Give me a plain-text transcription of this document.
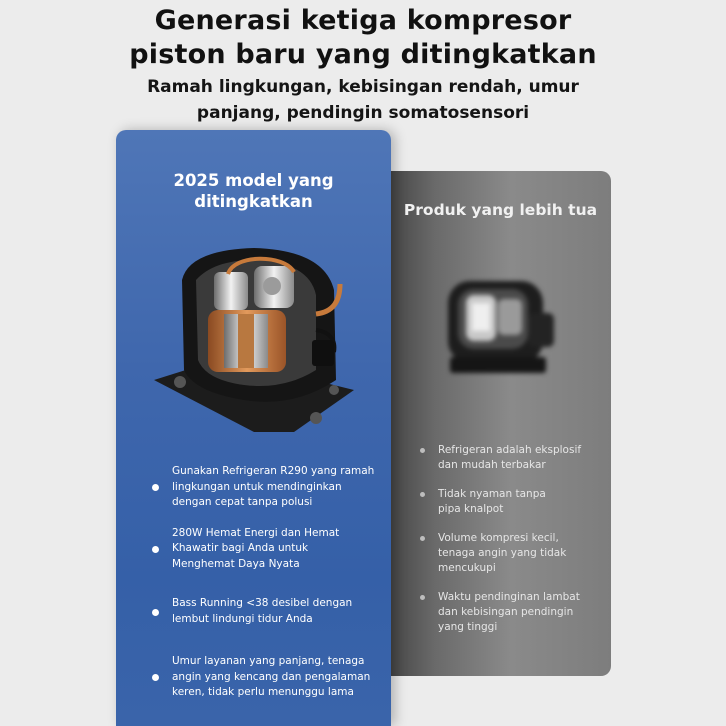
Generasi ketiga kompresor
piston baru yang ditingkatkan
Ramah lingkungan, kebisingan rendah, umur
panjang, pendingin somatosensori
Produk yang lebih tua
Refrigeran adalah eksplosif
dan mudah terbakar
Tidak nyaman tanpa
pipa knalpot
Volume kompresi kecil,
tenaga angin yang tidak
mencukupi
Waktu pendinginan lambat
dan kebisingan pendingin
yang tinggi
2025 model yang
ditingkatkan
Gunakan Refrigeran R290 yang ramah
lingkungan untuk mendinginkan
dengan cepat tanpa polusi
280W Hemat Energi dan Hemat
Khawatir bagi Anda untuk
Menghemat Daya Nyata
Bass Running <38 desibel dengan
lembut lindungi tidur Anda
Umur layanan yang panjang, tenaga
angin yang kencang dan pengalaman
keren, tidak perlu menunggu lama
